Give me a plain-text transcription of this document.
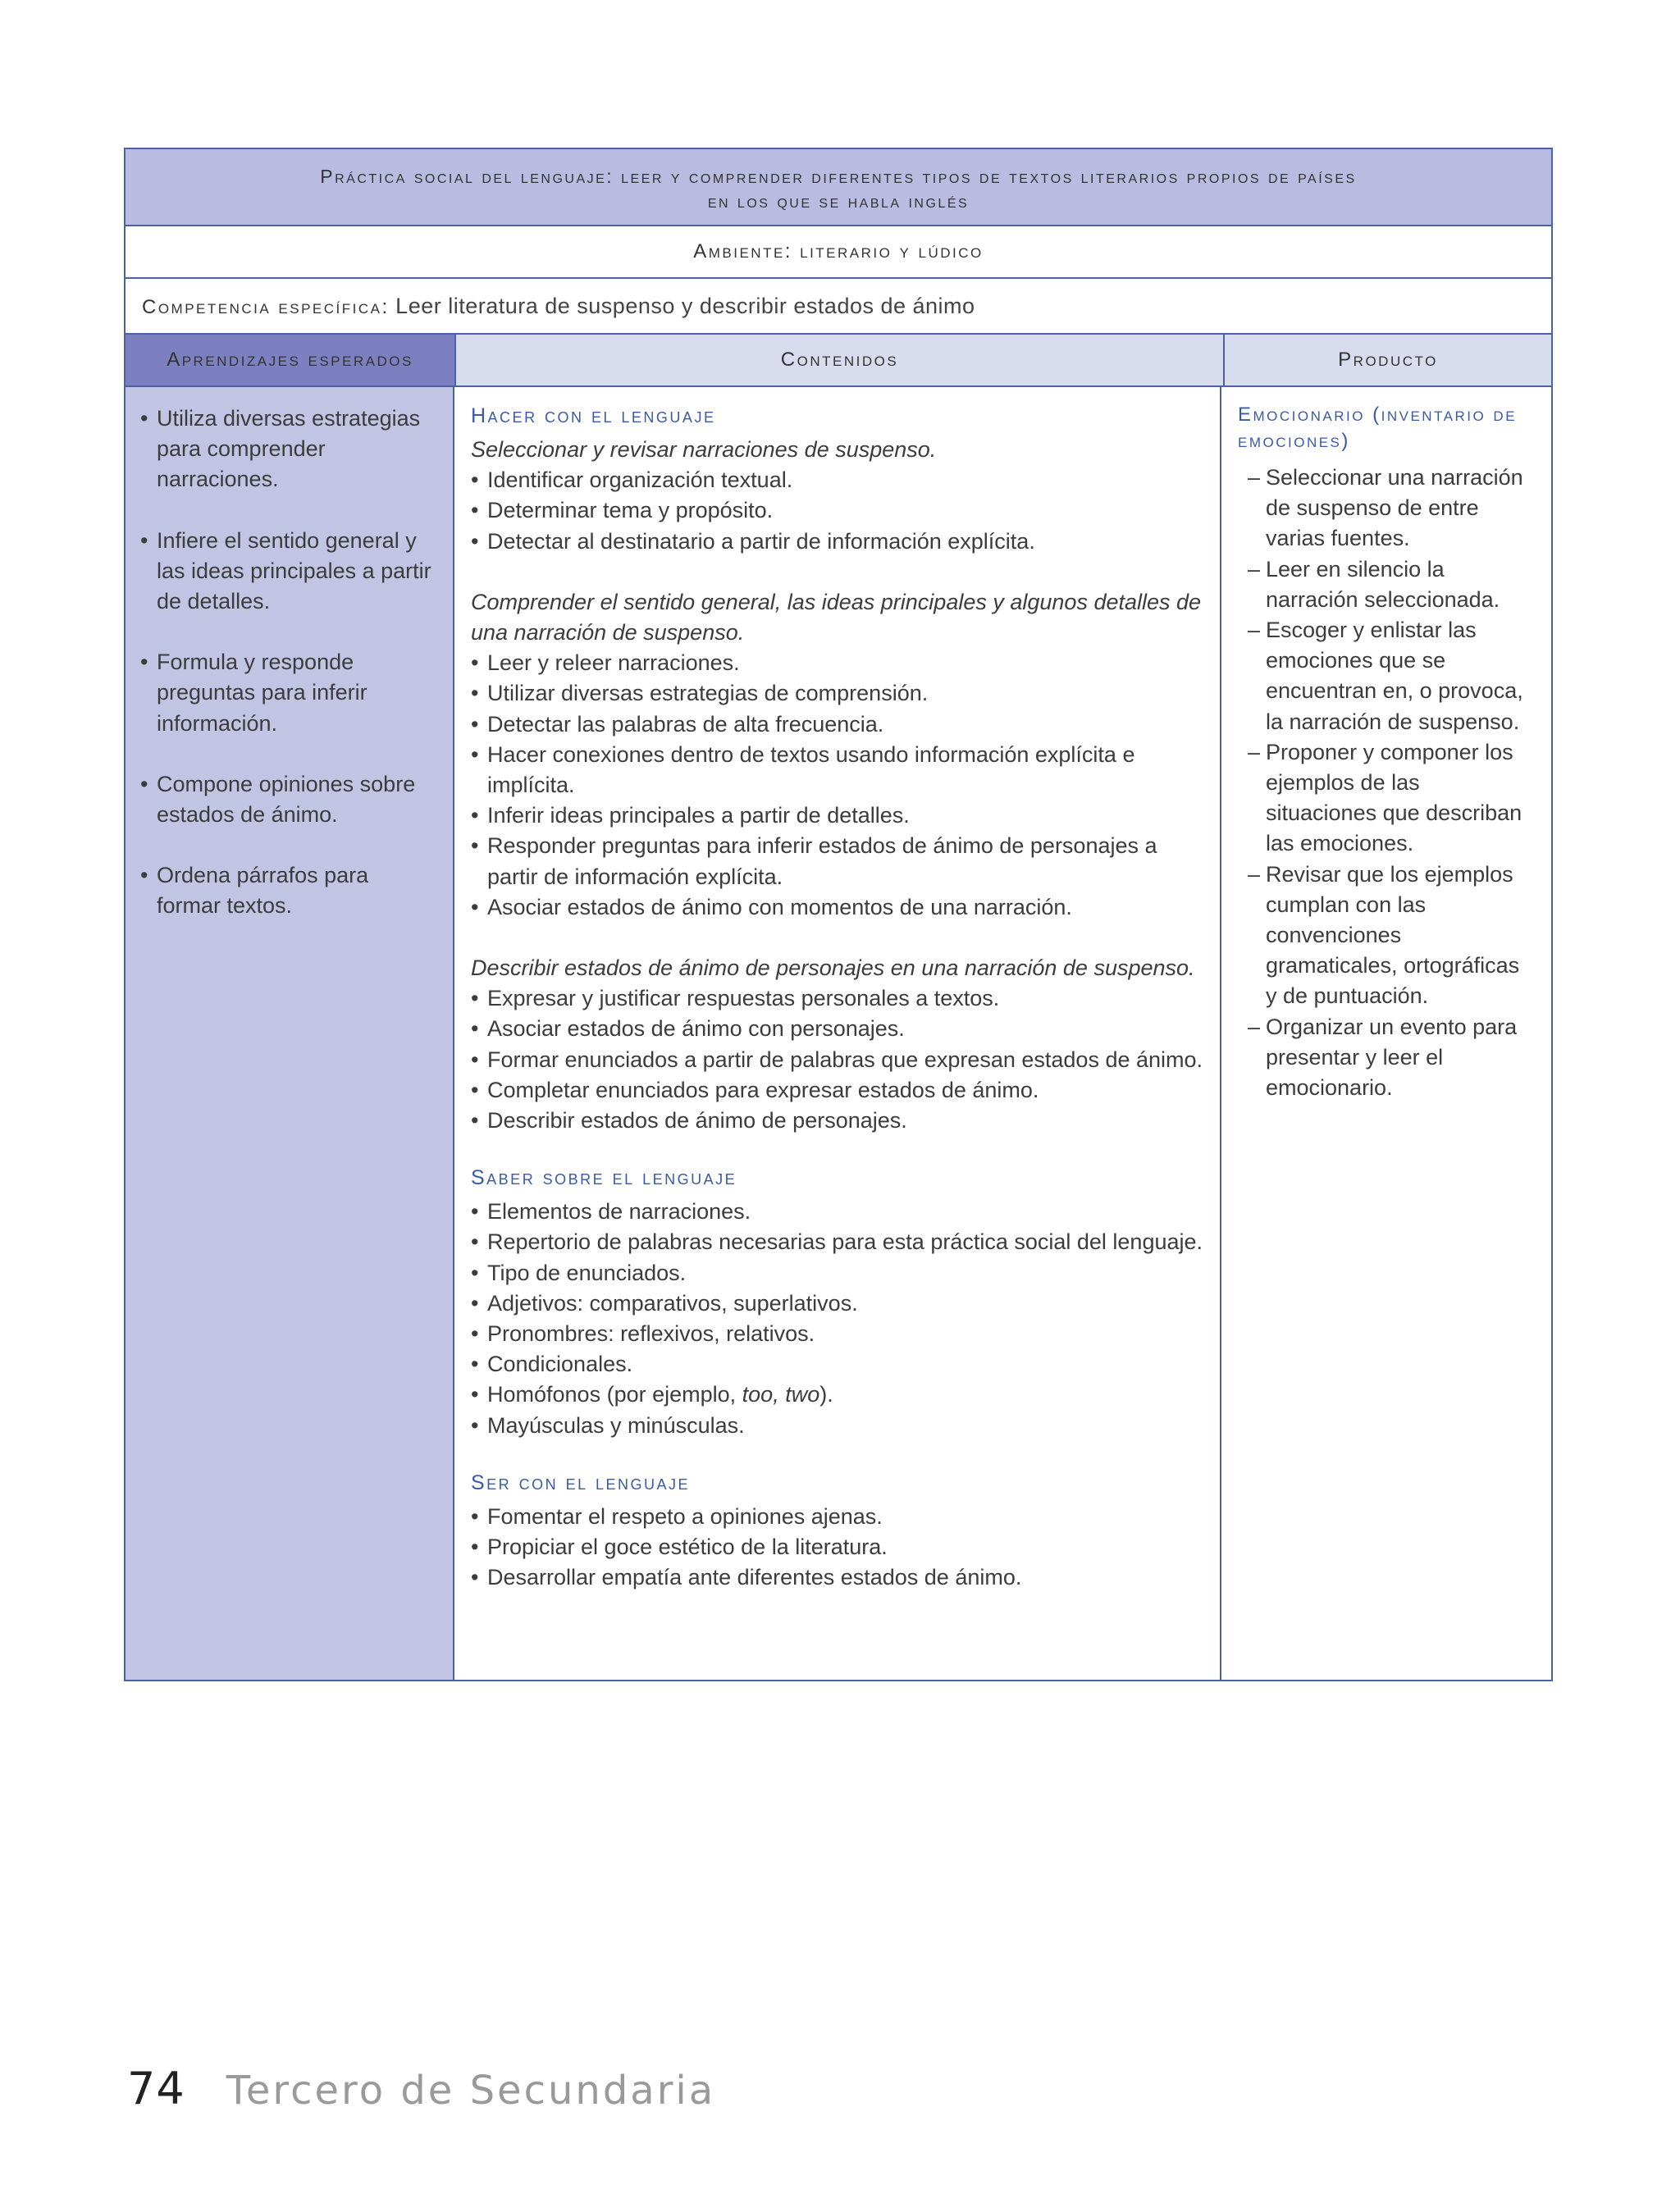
Práctica social del lenguaje: leer y comprender diferentes tipos de textos literarios propios de países
en los que se habla inglés
Ambiente: literario y lúdico
Competencia específica: Leer literatura de suspenso y describir estados de ánimo
Aprendizajes esperados	Contenidos	Producto
• Utiliza diversas estrategias para comprender narraciones.
• Infiere el sentido general y las ideas principales a partir de detalles.
• Formula y responde preguntas para inferir información.
• Compone opiniones sobre estados de ánimo.
• Ordena párrafos para formar textos.
Hacer con el lenguaje
Seleccionar y revisar narraciones de suspenso.
• Identificar organización textual.
• Determinar tema y propósito.
• Detectar al destinatario a partir de información explícita.
Comprender el sentido general, las ideas principales y algunos detalles de una narración de suspenso.
• Leer y releer narraciones.
• Utilizar diversas estrategias de comprensión.
• Detectar las palabras de alta frecuencia.
• Hacer conexiones dentro de textos usando información explícita e implícita.
• Inferir ideas principales a partir de detalles.
• Responder preguntas para inferir estados de ánimo de personajes a partir de información explícita.
• Asociar estados de ánimo con momentos de una narración.
Describir estados de ánimo de personajes en una narración de suspenso.
• Expresar y justificar respuestas personales a textos.
• Asociar estados de ánimo con personajes.
• Formar enunciados a partir de palabras que expresan estados de ánimo.
• Completar enunciados para expresar estados de ánimo.
• Describir estados de ánimo de personajes.
Saber sobre el lenguaje
• Elementos de narraciones.
• Repertorio de palabras necesarias para esta práctica social del lenguaje.
• Tipo de enunciados.
• Adjetivos: comparativos, superlativos.
• Pronombres: reflexivos, relativos.
• Condicionales.
• Homófonos (por ejemplo, too, two).
• Mayúsculas y minúsculas.
Ser con el lenguaje
• Fomentar el respeto a opiniones ajenas.
• Propiciar el goce estético de la literatura.
• Desarrollar empatía ante diferentes estados de ánimo.
Emocionario (inventario de emociones)
– Seleccionar una narración de suspenso de entre varias fuentes.
– Leer en silencio la narración seleccionada.
– Escoger y enlistar las emociones que se encuentran en, o provoca, la narración de suspenso.
– Proponer y componer los ejemplos de las situaciones que describan las emociones.
– Revisar que los ejemplos cumplan con las convenciones gramaticales, ortográficas y de puntuación.
– Organizar un evento para presentar y leer el emocionario.
74 Tercero de Secundaria
